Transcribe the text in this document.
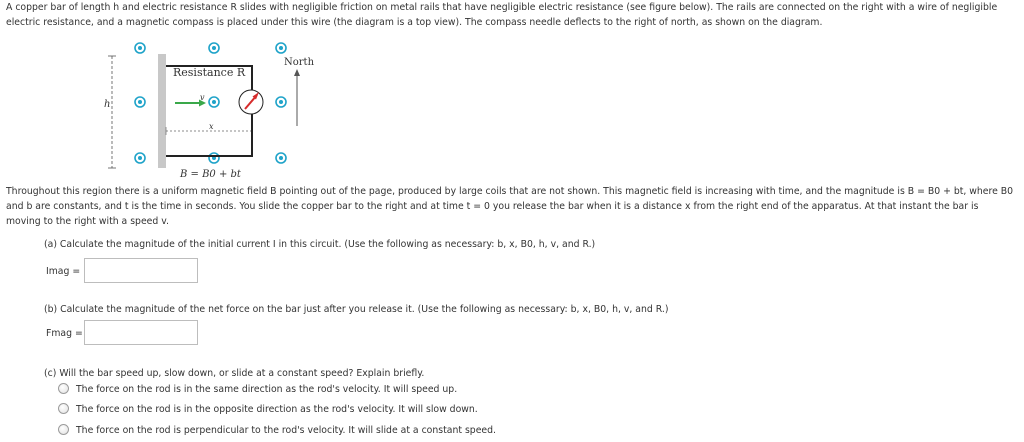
A copper bar of length h and electric resistance R slides with negligible friction on metal rails that have negligible electric resistance (see figure below). The rails are connected on the right with a wire of negligible electric resistance, and a magnetic compass is placed under this wire (the diagram is a top view). The compass needle deflects to the right of north, as shown on the diagram.

h
Resistance R
v
x
North
B = B0 + bt

Throughout this region there is a uniform magnetic field B pointing out of the page, produced by large coils that are not shown. This magnetic field is increasing with time, and the magnitude is B = B0 + bt, where B0 and b are constants, and t is the time in seconds. You slide the copper bar to the right and at time t = 0 you release the bar when it is a distance x from the right end of the apparatus. At that instant the bar is moving to the right with a speed v.

(a) Calculate the magnitude of the initial current I in this circuit. (Use the following as necessary: b, x, B0, h, v, and R.)

Imag =

(b) Calculate the magnitude of the net force on the bar just after you release it. (Use the following as necessary: b, x, B0, h, v, and R.)

Fmag =

(c) Will the bar speed up, slow down, or slide at a constant speed? Explain briefly.

The force on the rod is in the same direction as the rod's velocity. It will speed up.
The force on the rod is in the opposite direction as the rod's velocity. It will slow down.
The force on the rod is perpendicular to the rod's velocity. It will slide at a constant speed.
